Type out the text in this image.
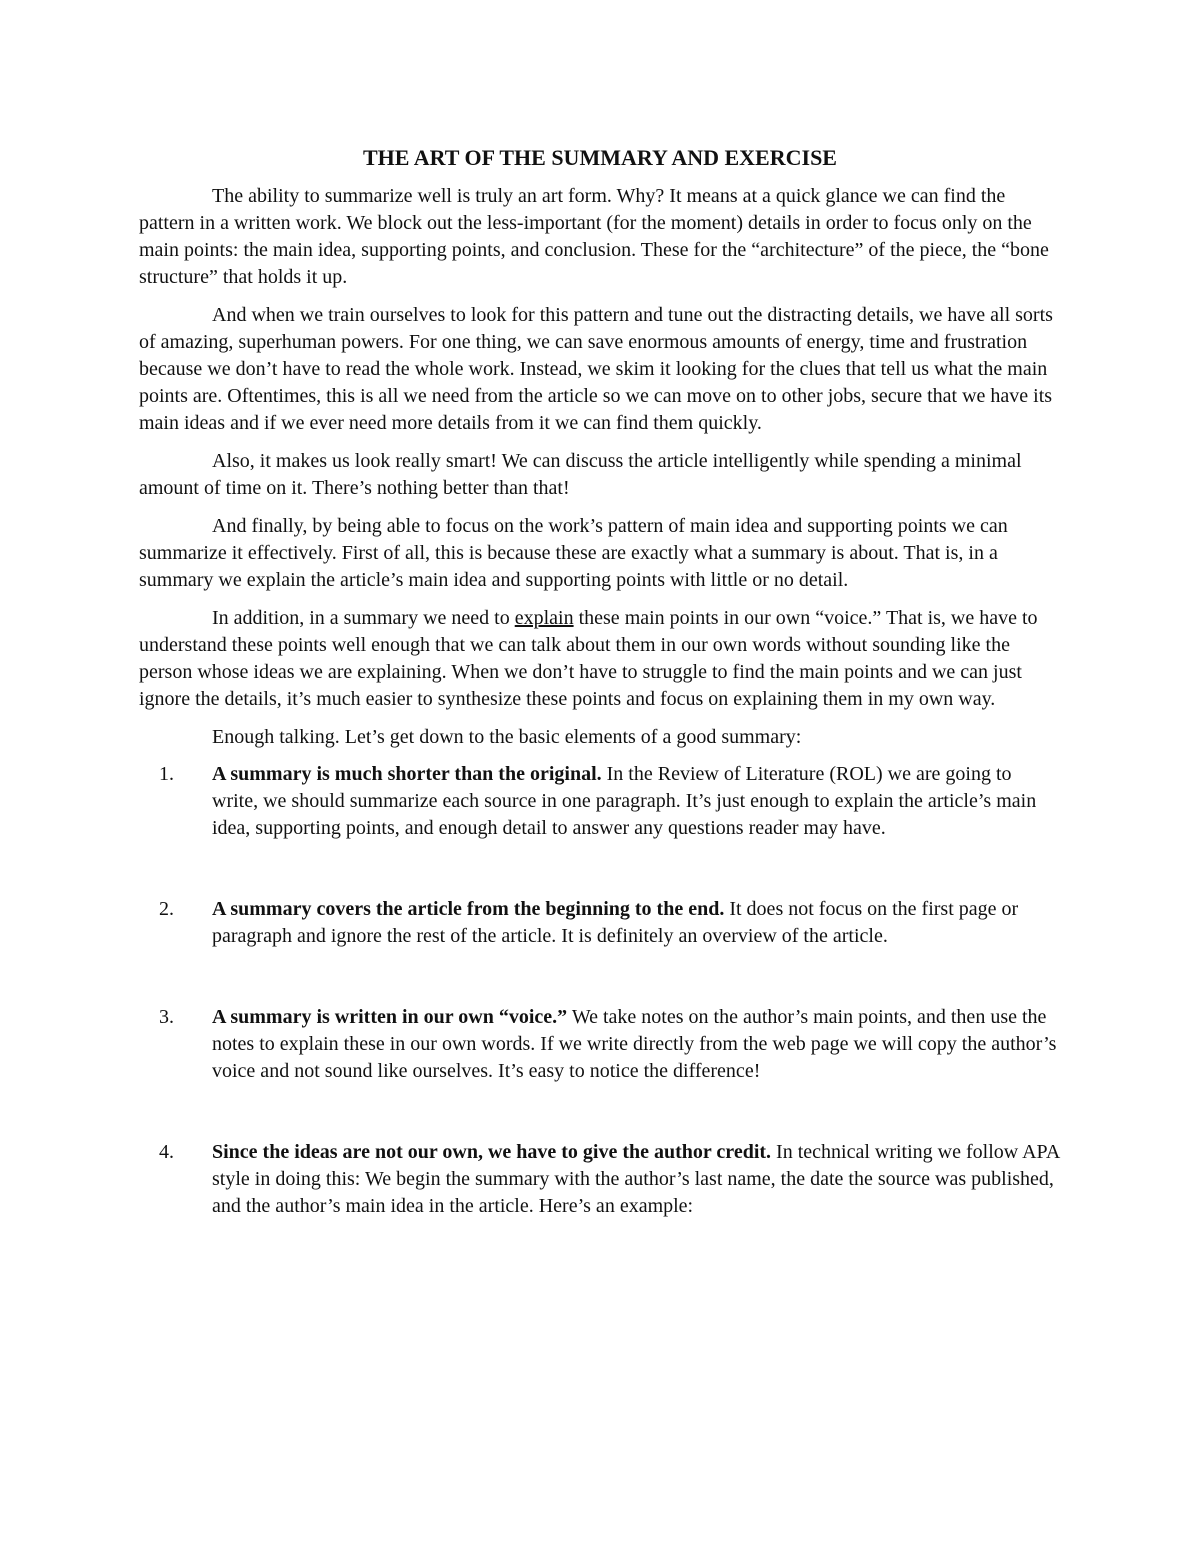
THE ART OF THE SUMMARY AND EXERCISE

The ability to summarize well is truly an art form. Why? It means at a quick glance we can find the pattern in a written work. We block out the less-important (for the moment) details in order to focus only on the main points: the main idea, supporting points, and conclusion. These for the “architecture” of the piece, the “bone structure” that holds it up.

And when we train ourselves to look for this pattern and tune out the distracting details, we have all sorts of amazing, superhuman powers. For one thing, we can save enormous amounts of energy, time and frustration because we don’t have to read the whole work. Instead, we skim it looking for the clues that tell us what the main points are. Oftentimes, this is all we need from the article so we can move on to other jobs, secure that we have its main ideas and if we ever need more details from it we can find them quickly.

Also, it makes us look really smart! We can discuss the article intelligently while spending a minimal amount of time on it. There’s nothing better than that!

And finally, by being able to focus on the work’s pattern of main idea and supporting points we can summarize it effectively. First of all, this is because these are exactly what a summary is about. That is, in a summary we explain the article’s main idea and supporting points with little or no detail.

In addition, in a summary we need to explain these main points in our own “voice.” That is, we have to understand these points well enough that we can talk about them in our own words without sounding like the person whose ideas we are explaining. When we don’t have to struggle to find the main points and we can just ignore the details, it’s much easier to synthesize these points and focus on explaining them in my own way.

Enough talking. Let’s get down to the basic elements of a good summary:

1.	A summary is much shorter than the original. In the Review of Literature (ROL) we are going to write, we should summarize each source in one paragraph. It’s just enough to explain the article’s main idea, supporting points, and enough detail to answer any questions reader may have.
2.	A summary covers the article from the beginning to the end. It does not focus on the first page or paragraph and ignore the rest of the article. It is definitely an overview of the article.
3.	A summary is written in our own “voice.” We take notes on the author’s main points, and then use the notes to explain these in our own words. If we write directly from the web page we will copy the author’s voice and not sound like ourselves. It’s easy to notice the difference!
4.	Since the ideas are not our own, we have to give the author credit. In technical writing we follow APA style in doing this: We begin the summary with the author’s last name, the date the source was published, and the author’s main idea in the article. Here’s an example:
